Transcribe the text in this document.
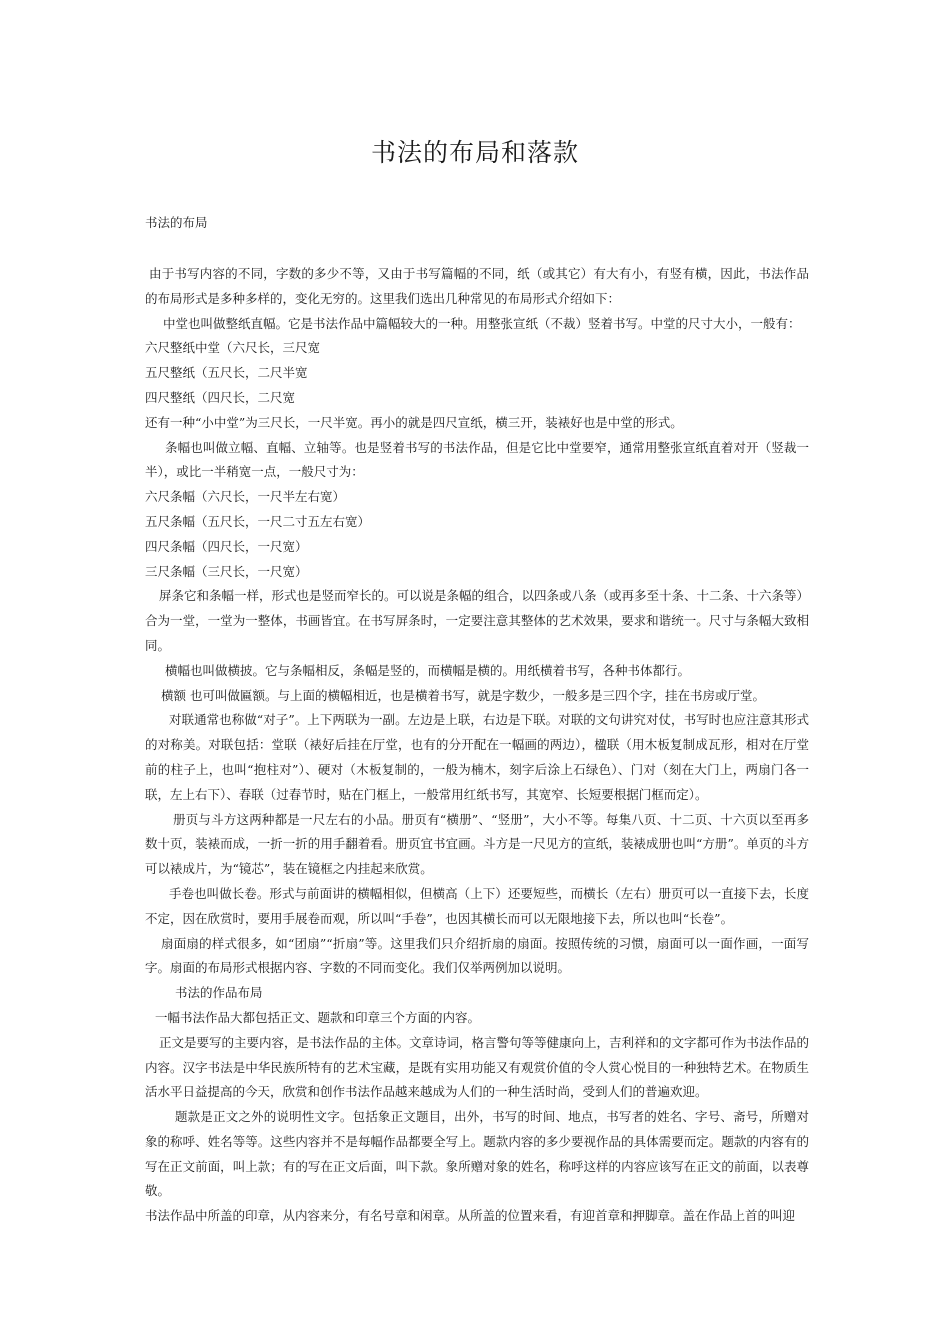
书法的布局和落款
书法的布局

由于书写内容的不同，字数的多少不等，又由于书写篇幅的不同，纸（或其它）有大有小，有竖有横，因此，书法作品的布局形式是多种多样的，变化无穷的。这里我们选出几种常见的布局形式介绍如下：

中堂也叫做整纸直幅。它是书法作品中篇幅较大的一种。用整张宣纸（不裁）竖着书写。中堂的尺寸大小，一般有：

六尺整纸中堂（六尺长，三尺宽

五尺整纸（五尺长，二尺半宽

四尺整纸（四尺长，二尺宽

还有一种“小中堂”为三尺长，一尺半宽。再小的就是四尺宣纸，横三开，装裱好也是中堂的形式。

条幅也叫做立幅、直幅、立轴等。也是竖着书写的书法作品，但是它比中堂要窄，通常用整张宣纸直着对开（竖裁一半），或比一半稍宽一点，一般尺寸为：

六尺条幅（六尺长，一尺半左右宽）

五尺条幅（五尺长，一尺二寸五左右宽）

四尺条幅（四尺长，一尺宽）

三尺条幅（三尺长，一尺宽）

屏条它和条幅一样，形式也是竖而窄长的。可以说是条幅的组合，以四条或八条（或再多至十条、十二条、十六条等）合为一堂，一堂为一整体，书画皆宜。在书写屏条时，一定要注意其整体的艺术效果，要求和谐统一。尺寸与条幅大致相同。

横幅也叫做横披。它与条幅相反，条幅是竖的，而横幅是横的。用纸横着书写，各种书体都行。

横额 也可叫做匾额。与上面的横幅相近，也是横着书写，就是字数少，一般多是三四个字，挂在书房或厅堂。

对联通常也称做“对子”。上下两联为一副。左边是上联，右边是下联。对联的文句讲究对仗，书写时也应注意其形式的对称美。对联包括：堂联（裱好后挂在厅堂，也有的分开配在一幅画的两边），楹联（用木板复制成瓦形，相对在厅堂前的柱子上，也叫“抱柱对”）、硬对（木板复制的，一般为楠木，刻字后涂上石绿色）、门对（刻在大门上，两扇门各一联，左上右下）、春联（过春节时，贴在门框上，一般常用红纸书写，其宽窄、长短要根据门框而定）。

册页与斗方这两种都是一尺左右的小品。册页有“横册”、“竖册”，大小不等。每集八页、十二页、十六页以至再多数十页，装裱而成，一折一折的用手翻着看。册页宜书宜画。斗方是一尺见方的宣纸，装裱成册也叫“方册”。单页的斗方可以裱成片，为“镜芯”，装在镜框之内挂起来欣赏。

手卷也叫做长卷。形式与前面讲的横幅相似，但横高（上下）还要短些，而横长（左右）册页可以一直接下去，长度不定，因在欣赏时，要用手展卷而观，所以叫“手卷”，也因其横长而可以无限地接下去，所以也叫“长卷”。

扇面扇的样式很多，如“团扇”“折扇”等。这里我们只介绍折扇的扇面。按照传统的习惯，扇面可以一面作画，一面写字。扇面的布局形式根据内容、字数的不同而变化。我们仅举两例加以说明。

书法的作品布局

一幅书法作品大都包括正文、题款和印章三个方面的内容。

正文是要写的主要内容，是书法作品的主体。文章诗词，格言警句等等健康向上，吉利祥和的文字都可作为书法作品的内容。汉字书法是中华民族所特有的艺术宝藏，是既有实用功能又有观赏价值的令人赏心悦目的一种独特艺术。在物质生活水平日益提高的今天，欣赏和创作书法作品越来越成为人们的一种生活时尚，受到人们的普遍欢迎。

题款是正文之外的说明性文字。包括象正文题目，出外，书写的时间、地点，书写者的姓名、字号、斋号，所赠对象的称呼、姓名等等。这些内容并不是每幅作品都要全写上。题款内容的多少要视作品的具体需要而定。题款的内容有的写在正文前面，叫上款；有的写在正文后面，叫下款。象所赠对象的姓名，称呼这样的内容应该写在正文的前面，以表尊敬。

书法作品中所盖的印章，从内容来分，有名号章和闲章。从所盖的位置来看，有迎首章和押脚章。盖在作品上首的叫迎
